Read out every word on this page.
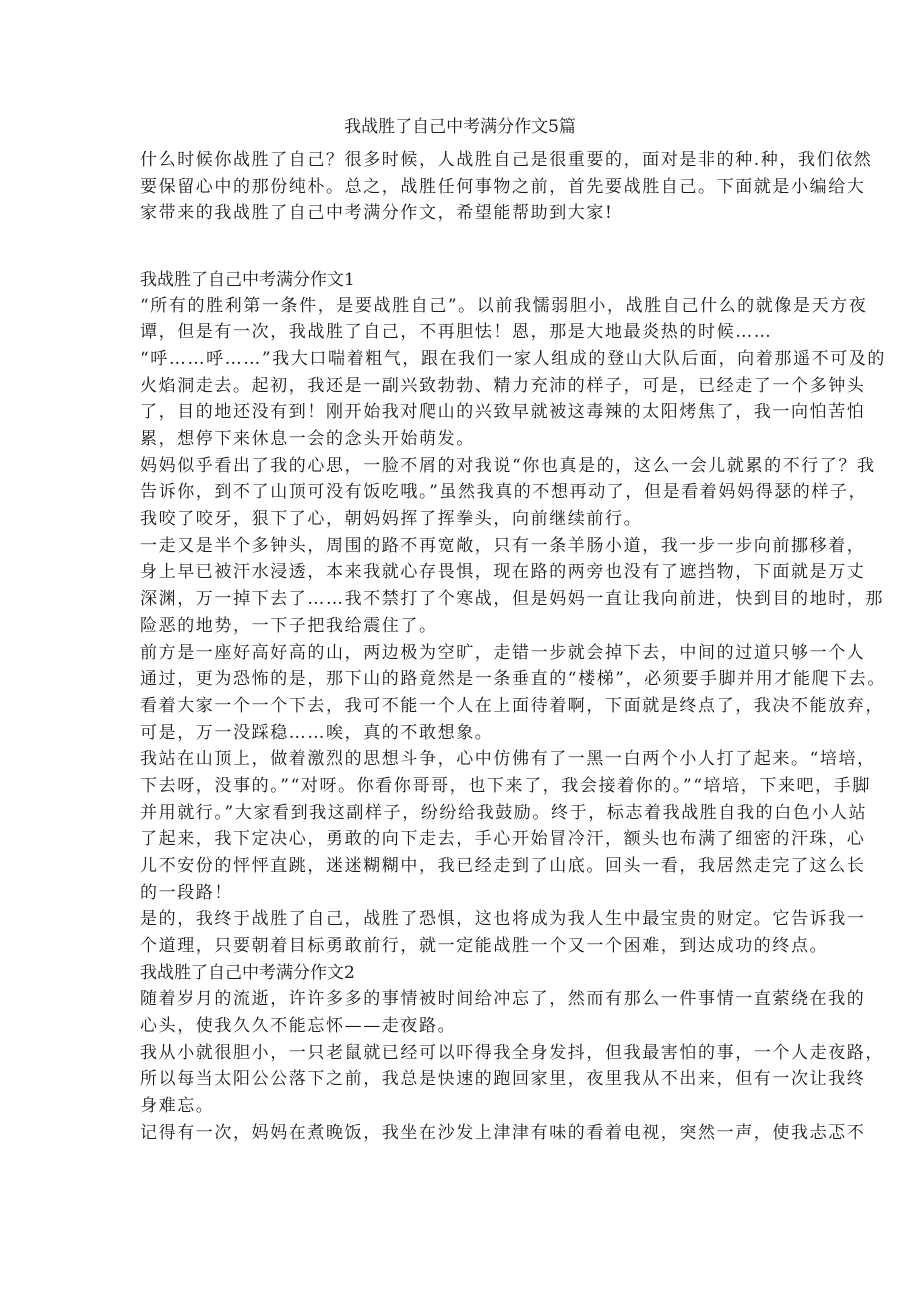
我战胜了自己中考满分作文5篇
什么时候你战胜了自己？很多时候，人战胜自己是很重要的，面对是非的种.种，我们依然
要保留心中的那份纯朴。总之，战胜任何事物之前，首先要战胜自己。下面就是小编给大
家带来的我战胜了自己中考满分作文，希望能帮助到大家!
我战胜了自己中考满分作文1
“所有的胜利第一条件，是要战胜自己”。以前我懦弱胆小，战胜自己什么的就像是天方夜
谭，但是有一次，我战胜了自己，不再胆怯！恩，那是大地最炎热的时候……
“呼……呼……”我大口喘着粗气，跟在我们一家人组成的登山大队后面，向着那遥不可及的
火焰洞走去。起初，我还是一副兴致勃勃、精力充沛的样子，可是，已经走了一个多钟头
了，目的地还没有到！刚开始我对爬山的兴致早就被这毒辣的太阳烤焦了，我一向怕苦怕
累，想停下来休息一会的念头开始萌发。
妈妈似乎看出了我的心思，一脸不屑的对我说“你也真是的，这么一会儿就累的不行了？我
告诉你，到不了山顶可没有饭吃哦。”虽然我真的不想再动了，但是看着妈妈得瑟的样子，
我咬了咬牙，狠下了心，朝妈妈挥了挥拳头，向前继续前行。
一走又是半个多钟头，周围的路不再宽敞，只有一条羊肠小道，我一步一步向前挪移着，
身上早已被汗水浸透，本来我就心存畏惧，现在路的两旁也没有了遮挡物，下面就是万丈
深渊，万一掉下去了……我不禁打了个寒战，但是妈妈一直让我向前进，快到目的地时，那
险恶的地势，一下子把我给震住了。
前方是一座好高好高的山，两边极为空旷，走错一步就会掉下去，中间的过道只够一个人
通过，更为恐怖的是，那下山的路竟然是一条垂直的“楼梯”，必须要手脚并用才能爬下去。
看着大家一个一个下去，我可不能一个人在上面待着啊，下面就是终点了，我决不能放弃，
可是，万一没踩稳……唉，真的不敢想象。
我站在山顶上，做着激烈的思想斗争，心中仿佛有了一黑一白两个小人打了起来。“培培，
下去呀，没事的。”“对呀。你看你哥哥，也下来了，我会接着你的。”“培培，下来吧，手脚
并用就行。”大家看到我这副样子，纷纷给我鼓励。终于，标志着我战胜自我的白色小人站
了起来，我下定决心，勇敢的向下走去，手心开始冒冷汗，额头也布满了细密的汗珠，心
儿不安份的怦怦直跳，迷迷糊糊中，我已经走到了山底。回头一看，我居然走完了这么长
的一段路！
是的，我终于战胜了自己，战胜了恐惧，这也将成为我人生中最宝贵的财定。它告诉我一
个道理，只要朝着目标勇敢前行，就一定能战胜一个又一个困难，到达成功的终点。
我战胜了自己中考满分作文2
随着岁月的流逝，许许多多的事情被时间给冲忘了，然而有那么一件事情一直萦绕在我的
心头，使我久久不能忘怀——走夜路。
我从小就很胆小，一只老鼠就已经可以吓得我全身发抖，但我最害怕的事，一个人走夜路，
所以每当太阳公公落下之前，我总是快速的跑回家里，夜里我从不出来，但有一次让我终
身难忘。
记得有一次，妈妈在煮晚饭，我坐在沙发上津津有味的看着电视，突然一声，使我忐忑不
